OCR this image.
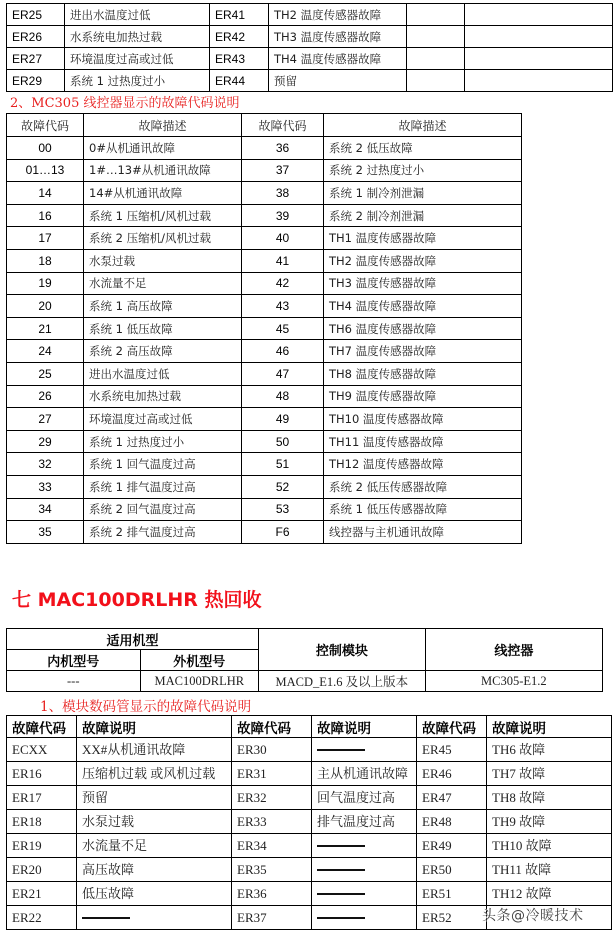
ER25	进出水温度过低	ER41	TH2 温度传感器故障		
ER26	水系统电加热过载	ER42	TH3 温度传感器故障		
ER27	环境温度过高或过低	ER43	TH4 温度传感器故障		
ER29	系统 1 过热度过小	ER44	预留		
2、MC305 线控器显示的故障代码说明
故障代码	故障描述	故障代码	故障描述
00	0#从机通讯故障	36	系统 2 低压故障
01…13	1#…13#从机通讯故障	37	系统 2 过热度过小
14	14#从机通讯故障	38	系统 1 制冷剂泄漏
16	系统 1 压缩机/风机过载	39	系统 2 制冷剂泄漏
17	系统 2 压缩机/风机过载	40	TH1 温度传感器故障
18	水泵过载	41	TH2 温度传感器故障
19	水流量不足	42	TH3 温度传感器故障
20	系统 1 高压故障	43	TH4 温度传感器故障
21	系统 1 低压故障	45	TH6 温度传感器故障
24	系统 2 高压故障	46	TH7 温度传感器故障
25	进出水温度过低	47	TH8 温度传感器故障
26	水系统电加热过载	48	TH9 温度传感器故障
27	环境温度过高或过低	49	TH10 温度传感器故障
29	系统 1 过热度过小	50	TH11 温度传感器故障
32	系统 1 回气温度过高	51	TH12 温度传感器故障
33	系统 1 排气温度过高	52	系统 2 低压传感器故障
34	系统 2 回气温度过高	53	系统 1 低压传感器故障
35	系统 2 排气温度过高	F6	线控器与主机通讯故障
七 MAC100DRLHR 热回收
适用机型		控制模块	线控器
内机型号	外机型号		
---	MAC100DRLHR	MACD_E1.6 及以上版本	MC305-E1.2
1、模块数码管显示的故障代码说明
故障代码	故障说明	故障代码	故障说明	故障代码	故障说明
ECXX	XX#从机通讯故障	ER30		ER45	TH6 故障
ER16	压缩机过载 或风机过载	ER31	主从机通讯故障	ER46	TH7 故障
ER17	预留	ER32	回气温度过高	ER47	TH8 故障
ER18	水泵过载	ER33	排气温度过高	ER48	TH9 故障
ER19	水流量不足	ER34		ER49	TH10 故障
ER20	高压故障	ER35		ER50	TH11 故障
ER21	低压故障	ER36		ER51	TH12 故障
ER22		ER37		ER52	头条@冷暖技术
